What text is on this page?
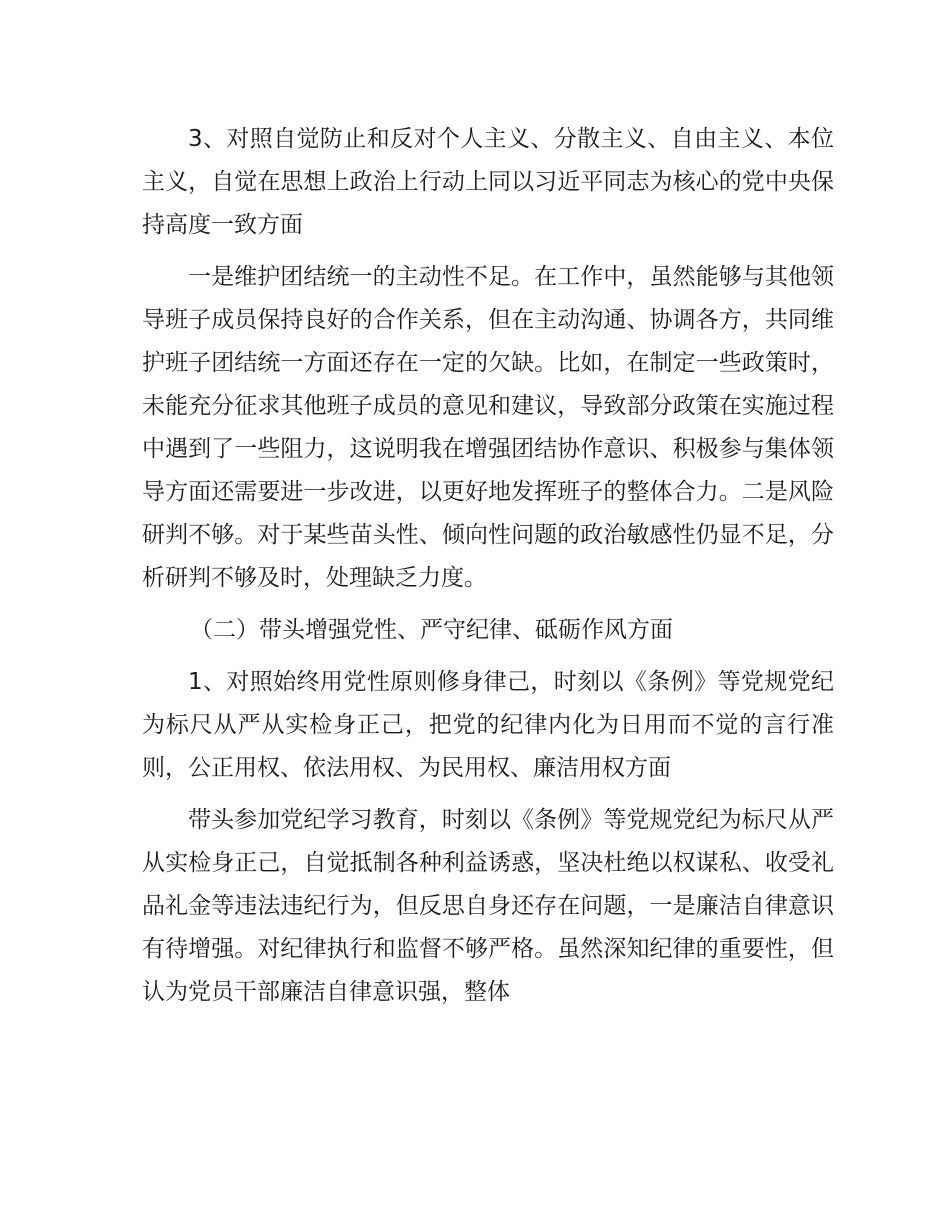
3、对照自觉防止和反对个人主义、分散主义、自由主义、本位主义，自觉在思想上政治上行动上同以习近平同志为核心的党中央保持高度一致方面

一是维护团结统一的主动性不足。在工作中，虽然能够与其他领导班子成员保持良好的合作关系，但在主动沟通、协调各方，共同维护班子团结统一方面还存在一定的欠缺。比如，在制定一些政策时，未能充分征求其他班子成员的意见和建议，导致部分政策在实施过程中遇到了一些阻力，这说明我在增强团结协作意识、积极参与集体领导方面还需要进一步改进，以更好地发挥班子的整体合力。二是风险研判不够。对于某些苗头性、倾向性问题的政治敏感性仍显不足，分析研判不够及时，处理缺乏力度。

（二）带头增强党性、严守纪律、砥砺作风方面

1、对照始终用党性原则修身律己，时刻以《条例》等党规党纪为标尺从严从实检身正己，把党的纪律内化为日用而不觉的言行准则，公正用权、依法用权、为民用权、廉洁用权方面

带头参加党纪学习教育，时刻以《条例》等党规党纪为标尺从严从实检身正己，自觉抵制各种利益诱惑，坚决杜绝以权谋私、收受礼品礼金等违法违纪行为，但反思自身还存在问题，一是廉洁自律意识有待增强。对纪律执行和监督不够严格。虽然深知纪律的重要性，但认为党员干部廉洁自律意识强，整体
